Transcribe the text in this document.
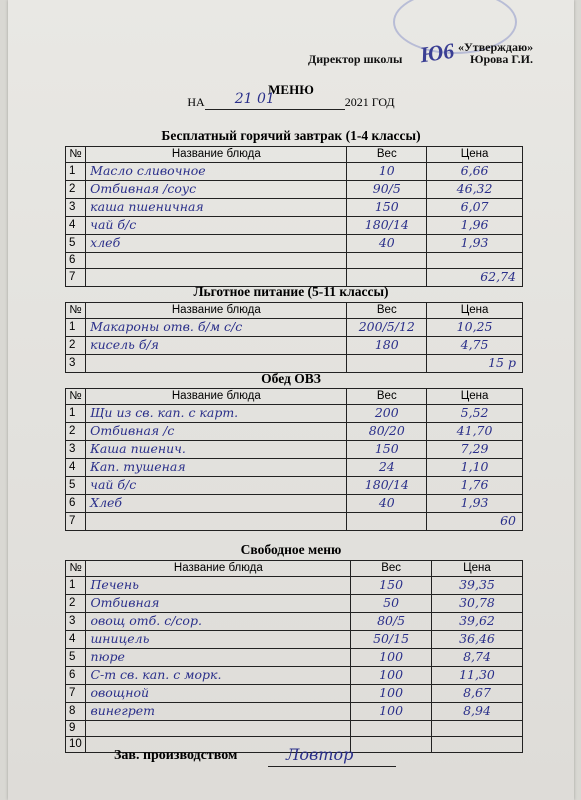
«Утверждаю»
Директор школы Ю6 Юрова Г.И.
МЕНЮ
НА 21 01	2021 ГОД
Бесплатный горячий завтрак (1-4 классы)
№	Название блюда	Вес	Цена
1	Масло сливочное	10	6,66
2	Отбивная /соус	90/5	46,32
3	каша пшеничная	150	6,07
4	чай б/с	180/14	1,96
5	хлеб	40	1,93
6			
7			62,74
Льготное питание (5-11 классы)
№	Название блюда	Вес	Цена
1	Макароны отв. б/м с/с	200/5/12	10,25
2	кисель б/я	180	4,75
3			15 р
Обед ОВЗ
№	Название блюда	Вес	Цена
1	Щи из св. кап. с карт.	200	5,52
2	Отбивная /с	80/20	41,70
3	Каша пшенич.	150	7,29
4	Кап. тушеная	24	1,10
5	чай б/с	180/14	1,76
6	Хлеб	40	1,93
7			60
Свободное меню
№	Название блюда	Вес	Цена
1	Печень	150	39,35
2	Отбивная	50	30,78
3	овощ отб. с/сор.	80/5	39,62
4	шницель	50/15	36,46
5	пюре	100	8,74
6	С-т св. кап. с морк.	100	11,30
7	овощной	100	8,67
8	винегрет	100	8,94
9			
10			
Зав. производством	Ловтор
